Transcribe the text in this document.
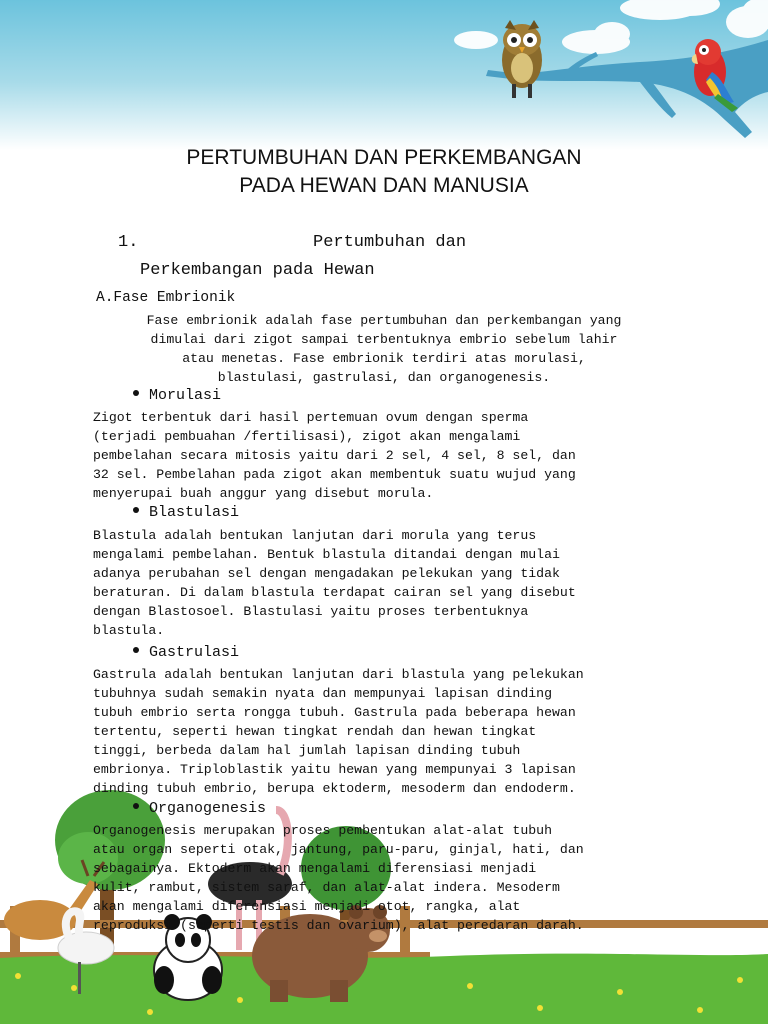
PERTUMBUHAN DAN PERKEMBANGAN
PADA HEWAN DAN MANUSIA
1.	Pertumbuhan dan
Perkembangan pada Hewan
A.Fase Embrionik
Fase embrionik adalah fase pertumbuhan dan perkembangan yang
dimulai dari zigot sampai terbentuknya embrio sebelum lahir
atau menetas. Fase embrionik terdiri atas morulasi,
blastulasi, gastrulasi, dan organogenesis.
Morulasi
Zigot terbentuk dari hasil pertemuan ovum dengan sperma
(terjadi pembuahan /fertilisasi), zigot akan mengalami
pembelahan secara mitosis yaitu dari 2 sel, 4 sel, 8 sel, dan
32 sel. Pembelahan pada zigot akan membentuk suatu wujud yang
menyerupai buah anggur yang disebut morula.
Blastulasi
Blastula adalah bentukan lanjutan dari morula yang terus
mengalami pembelahan. Bentuk blastula ditandai dengan mulai
adanya perubahan sel dengan mengadakan pelekukan yang tidak
beraturan. Di dalam blastula terdapat cairan sel yang disebut
dengan Blastosoel. Blastulasi yaitu proses terbentuknya
blastula.
Gastrulasi
Gastrula adalah bentukan lanjutan dari blastula yang pelekukan
tubuhnya sudah semakin nyata dan mempunyai lapisan dinding
tubuh embrio serta rongga tubuh. Gastrula pada beberapa hewan
tertentu, seperti hewan tingkat rendah dan hewan tingkat
tinggi, berbeda dalam hal jumlah lapisan dinding tubuh
embrionya. Triploblastik yaitu hewan yang mempunyai 3 lapisan
dinding tubuh embrio, berupa ektoderm, mesoderm dan endoderm.
Organogenesis
Organogenesis merupakan proses pembentukan alat-alat tubuh
atau organ seperti otak, jantung, paru-paru, ginjal, hati, dan
sebagainya. Ektoderm akan mengalami diferensiasi menjadi
kulit, rambut, sistem saraf, dan alat-alat indera. Mesoderm
akan mengalami diferensiasi menjadi otot, rangka, alat
reproduksi (seperti testis dan ovarium), alat peredaran darah.
